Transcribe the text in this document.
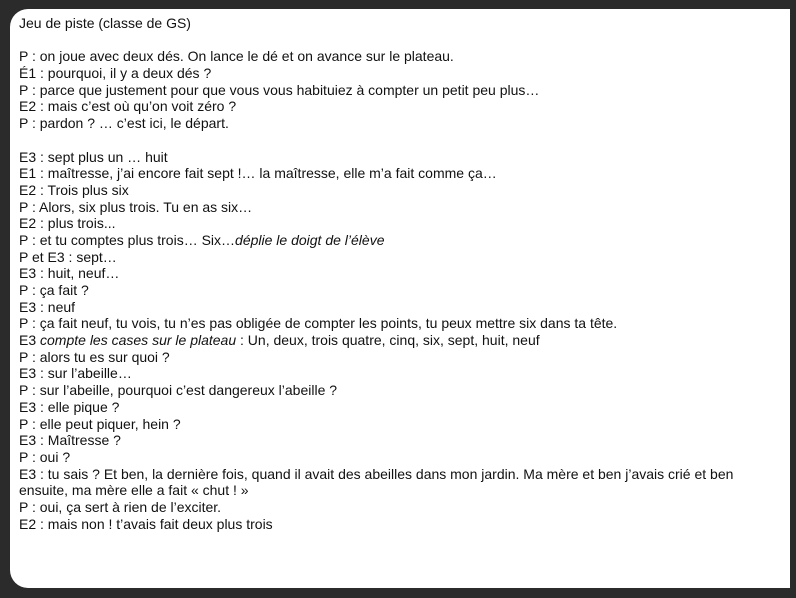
Jeu de piste (classe de GS)
P : on joue avec deux dés. On lance le dé et on avance sur le plateau.
É1 : pourquoi, il y a deux dés ?
P : parce que justement pour que vous vous habituiez à compter un petit peu plus…
E2 : mais c’est où qu’on voit zéro ?
P : pardon ? … c’est ici, le départ.
E3 : sept plus un … huit
E1 : maîtresse, j’ai encore fait sept !… la maîtresse, elle m’a fait comme ça…
E2 : Trois plus six
P : Alors, six plus trois. Tu en as six…
E2 : plus trois...
P : et tu comptes plus trois… Six…déplie le doigt de l’élève
P et E3 : sept…
E3 : huit, neuf…
P : ça fait ?
E3 : neuf
P : ça fait neuf, tu vois, tu n’es pas obligée de compter les points, tu peux mettre six dans ta tête.
E3 compte les cases sur le plateau : Un, deux, trois quatre, cinq, six, sept, huit, neuf
P : alors tu es sur quoi ?
E3 : sur l’abeille…
P : sur l’abeille, pourquoi c’est dangereux l’abeille ?
E3 : elle pique ?
P : elle peut piquer, hein ?
E3 : Maîtresse ?
P : oui ?
E3 : tu sais ? Et ben, la dernière fois, quand il avait des abeilles dans mon jardin. Ma mère et ben j’avais crié et ben
ensuite, ma mère elle a fait « chut ! »
P : oui, ça sert à rien de l’exciter.
E2 : mais non ! t’avais fait deux plus trois
